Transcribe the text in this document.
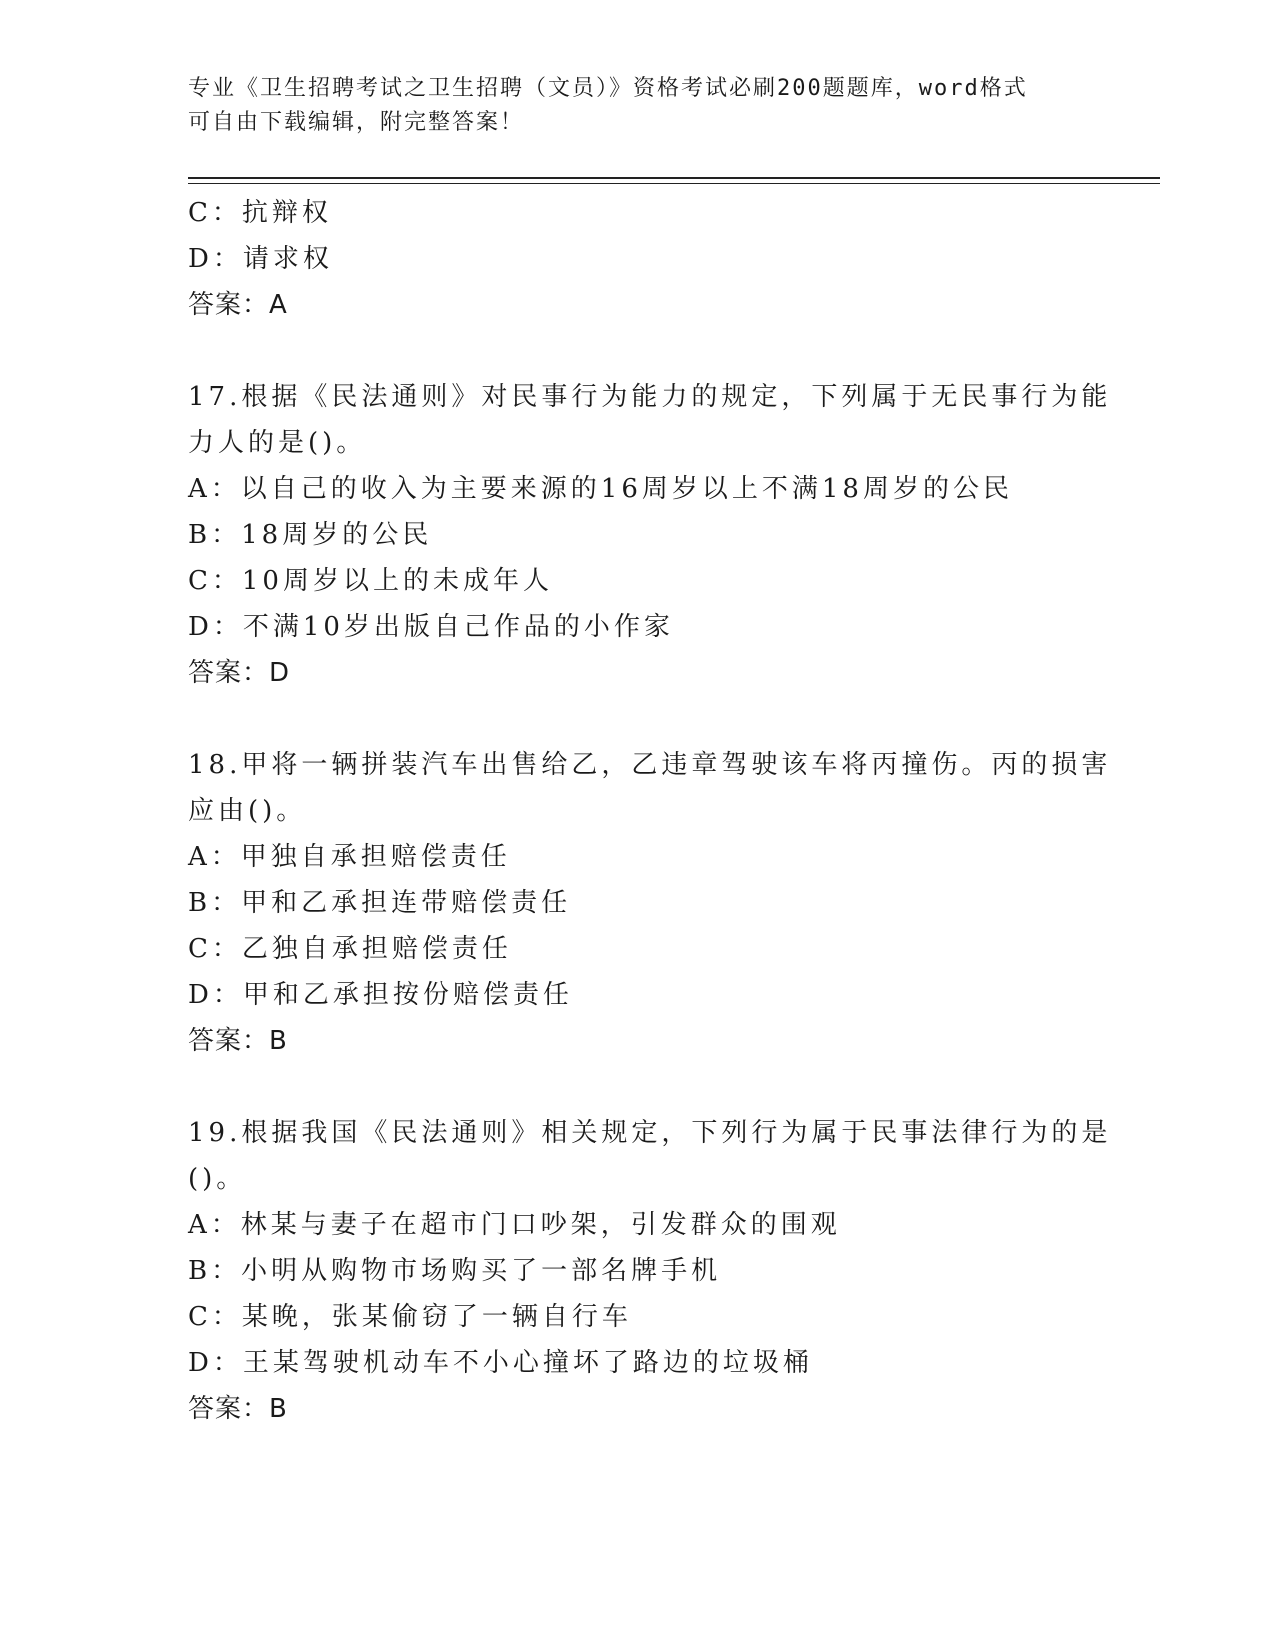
专业《卫生招聘考试之卫生招聘（文员）》资格考试必刷200题题库，word格式
可自由下载编辑，附完整答案！
C：抗辩权
D：请求权
答案：A
17.根据《民法通则》对民事行为能力的规定，下列属于无民事行为能
力人的是()。
A：以自己的收入为主要来源的16周岁以上不满18周岁的公民
B：18周岁的公民
C：10周岁以上的未成年人
D：不满10岁出版自己作品的小作家
答案：D
18.甲将一辆拼装汽车出售给乙，乙违章驾驶该车将丙撞伤。丙的损害
应由()。
A：甲独自承担赔偿责任
B：甲和乙承担连带赔偿责任
C：乙独自承担赔偿责任
D：甲和乙承担按份赔偿责任
答案：B
19.根据我国《民法通则》相关规定，下列行为属于民事法律行为的是
()。
A：林某与妻子在超市门口吵架，引发群众的围观
B：小明从购物市场购买了一部名牌手机
C：某晚，张某偷窃了一辆自行车
D：王某驾驶机动车不小心撞坏了路边的垃圾桶
答案：B
